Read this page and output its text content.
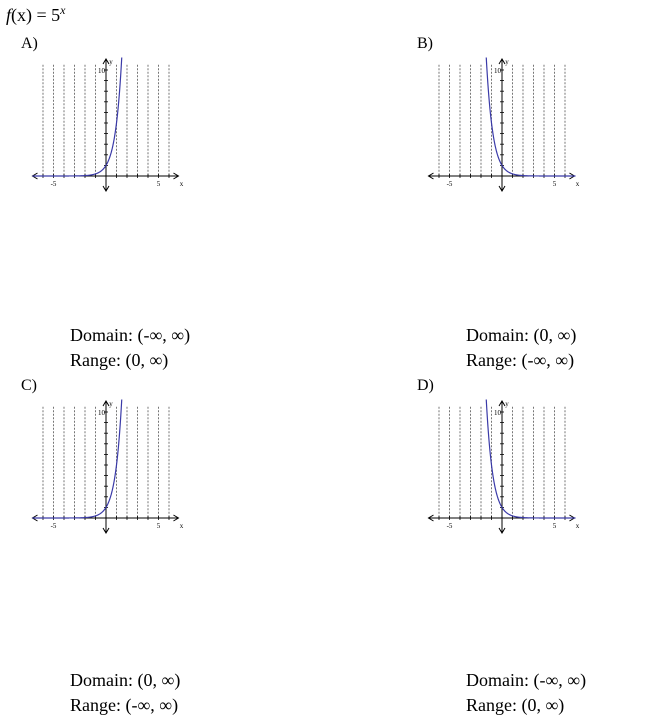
$f(x) = 5^x$
A)
-5	5	x
10
y
Domain: (-∞, ∞)
Range: (0, ∞)
B)
-5	5	x
10
y
Domain: (0, ∞)
Range: (-∞, ∞)
C)
-5	5	x
10
y
Domain: (0, ∞)
Range: (-∞, ∞)
D)
-5	5	x
10
y
Domain: (-∞, ∞)
Range: (0, ∞)
